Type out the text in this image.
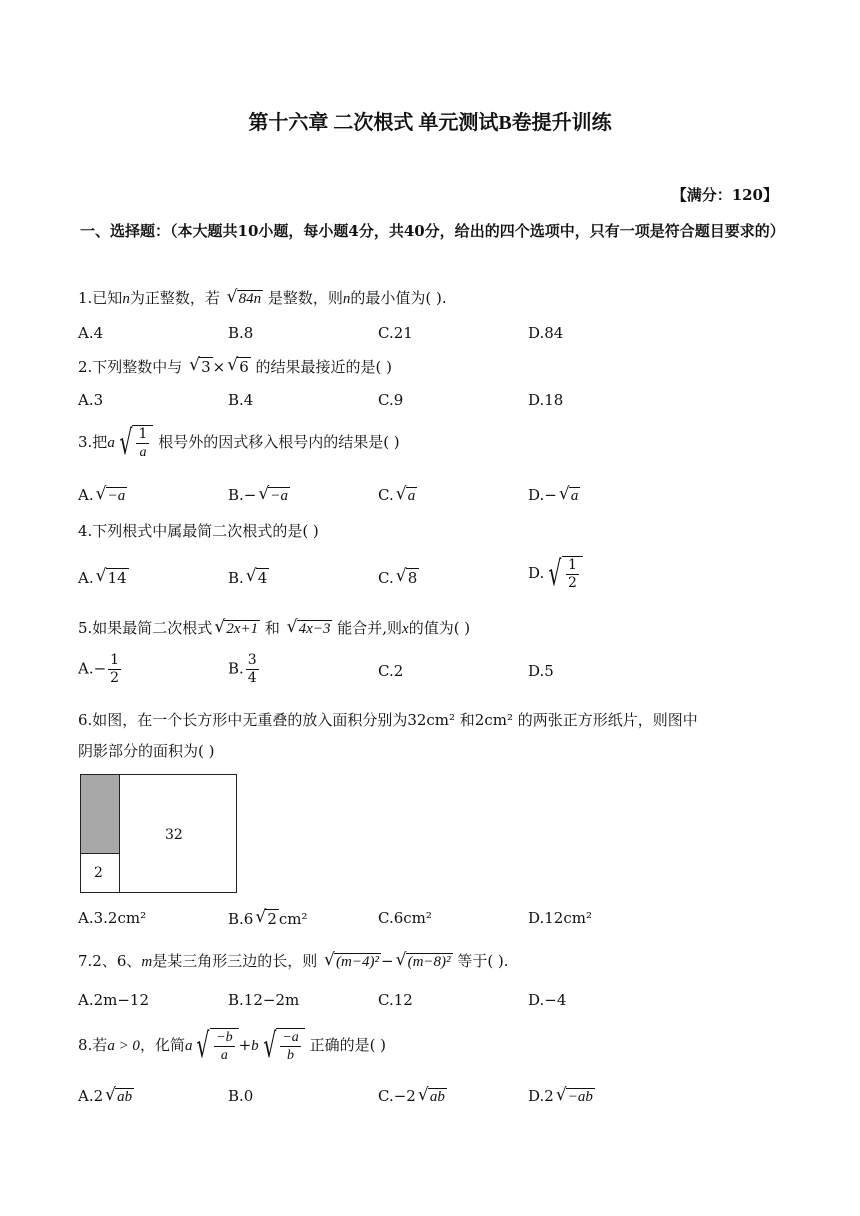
第十六章 二次根式 单元测试B卷提升训练
【满分：120】
一、选择题：（本大题共10小题，每小题4分，共40分，给出的四个选项中，只有一项是符合题目要求的）
1.已知n为正整数，若 √ 84n 是整数，则n的最小值为( ).
A.4	B.8	C.21	D.84
2.下列整数中与 √ 3 × √ 6 的结果最接近的是( )
A.3	B.4	C.9	D.18
3.把a √ $\frac{1}{a}$ 根号外的因式移入根号内的结果是( )
A. √ −a	B.− √ −a	C. √ a	D.− √ a
4.下列根式中属最简二次根式的是( )
A. √ 14	B. √ 4	C. √ 8	D. √ $\frac{1}{2}$
5.如果最简二次根式 √ 2x+1 和 √ 4x−3 能合并,则x的值为( )
$A.- \frac{1}{2}$	B. $\frac{3}{4}$	C.2	D.5
6.如图，在一个长方形中无重叠的放入面积分别为32cm² 和2cm² 的两张正方形纸片，则图中
阴影部分的面积为( )
2
32
A.3.2cm²	B.6 √ 2 cm²	C.6cm²	D.12cm²
7.2、6、m是某三角形三边的长，则 √ (m−4)² − √ (m−8)² 等于( ).
A.2m−12	B.12−2m	C.12	D.−4
8.若a > 0，化简a √ $\frac{-b}{a} +b$ √ $\frac{-a}{b}$ 正确的是( )
A.2 √ ab	B.0	C.−2 √ ab	D.2 √ −ab
